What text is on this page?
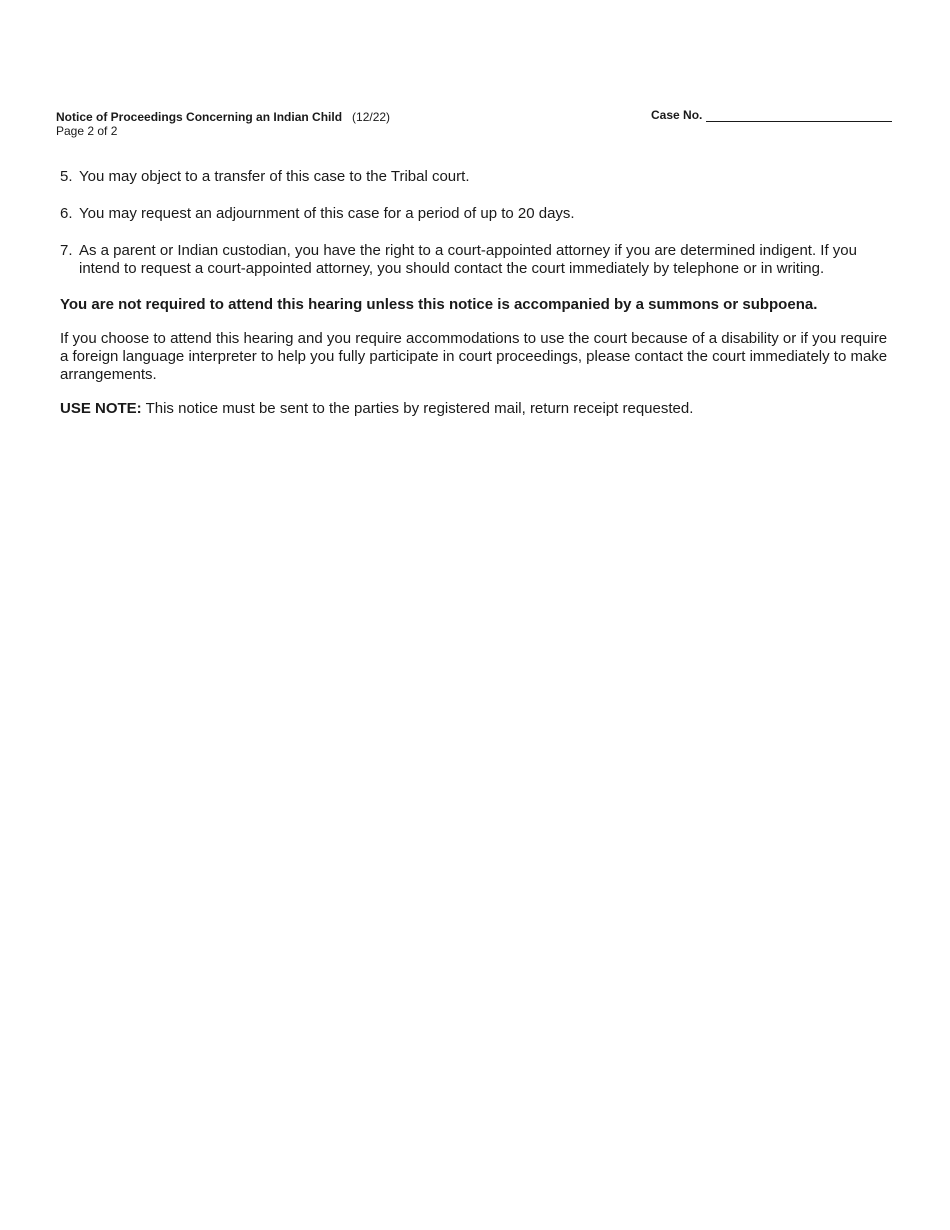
Notice of Proceedings Concerning an Indian Child (12/22)
Page 2 of 2
Case No.
5. You may object to a transfer of this case to the Tribal court.
6. You may request an adjournment of this case for a period of up to 20 days.
7. As a parent or Indian custodian, you have the right to a court-appointed attorney if you are determined indigent. If you intend to request a court-appointed attorney, you should contact the court immediately by telephone or in writing.
You are not required to attend this hearing unless this notice is accompanied by a summons or subpoena.
If you choose to attend this hearing and you require accommodations to use the court because of a disability or if you require a foreign language interpreter to help you fully participate in court proceedings, please contact the court immediately to make arrangements.
USE NOTE: This notice must be sent to the parties by registered mail, return receipt requested.
